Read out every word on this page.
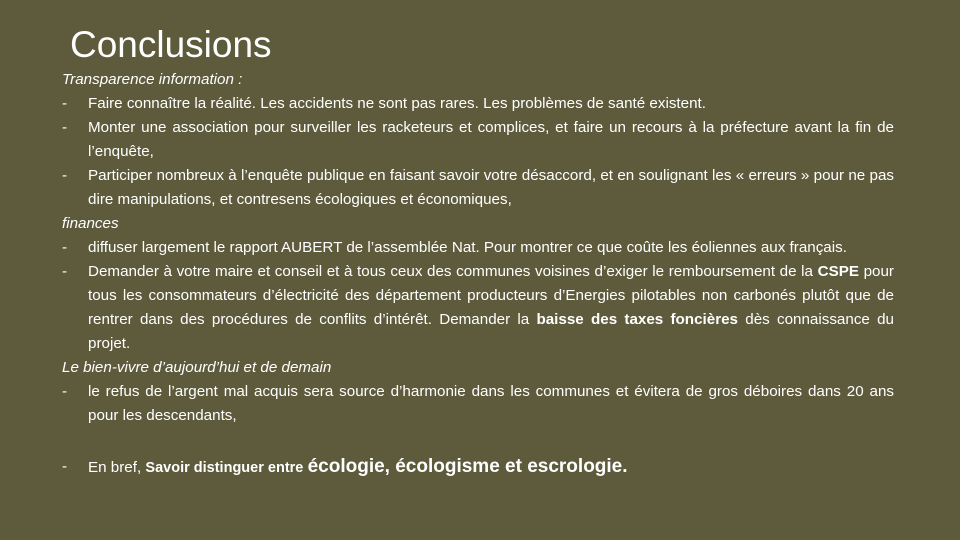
Conclusions

Transparence information :

- Faire connaître la réalité. Les accidents ne sont pas rares. Les problèmes de santé existent.

- Monter une association pour surveiller les racketeurs et complices, et faire un recours à la préfecture avant la fin de l’enquête,

- Participer nombreux à l’enquête publique en faisant savoir votre désaccord, et en soulignant les « erreurs » pour ne pas dire manipulations, et contresens écologiques et économiques,

finances

- diffuser largement le rapport AUBERT de l’assemblée Nat. Pour montrer ce que coûte les éoliennes aux français.

- Demander à votre maire et conseil et à tous ceux des communes voisines d’exiger le remboursement de la CSPE pour tous les consommateurs d’électricité des département producteurs d’Energies pilotables non carbonés plutôt que de rentrer dans des procédures de conflits d’intérêt. Demander la baisse des taxes foncières dès connaissance du projet.

Le bien-vivre d’aujourd’hui et de demain

- le refus de l’argent mal acquis sera source d’harmonie dans les communes et évitera de gros déboires dans 20 ans pour les descendants,

- En bref, Savoir distinguer entre écologie, écologisme et escrologie.
